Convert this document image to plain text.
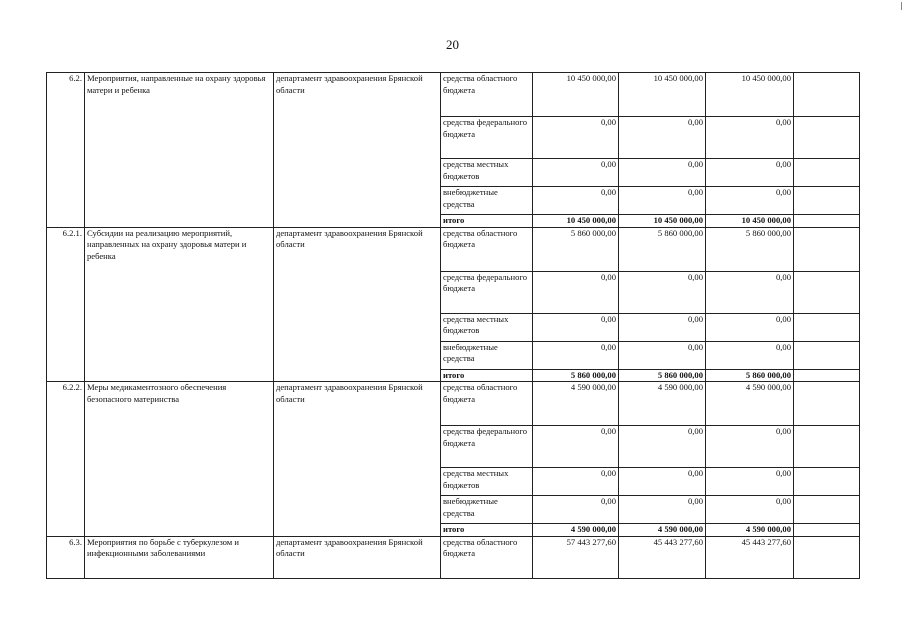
20
6.2.	Мероприятия, направленные на охрану здоровья матери и ребенка	департамент здравоохранения Брянской области	средства областного бюджета	10 450 000,00	10 450 000,00	10 450 000,00	
			средства федерального бюджета	0,00	0,00	0,00	
			средства местных бюджетов	0,00	0,00	0,00	
			внебюджетные средства	0,00	0,00	0,00	
			итого	10 450 000,00	10 450 000,00	10 450 000,00	
6.2.1.	Субсидии на реализацию мероприятий, направленных на охрану здоровья матери и ребенка	департамент здравоохранения Брянской области	средства областного бюджета	5 860 000,00	5 860 000,00	5 860 000,00	
			средства федерального бюджета	0,00	0,00	0,00	
			средства местных бюджетов	0,00	0,00	0,00	
			внебюджетные средства	0,00	0,00	0,00	
			итого	5 860 000,00	5 860 000,00	5 860 000,00	
6.2.2.	Меры медикаментозного обеспечения безопасного материнства	департамент здравоохранения Брянской области	средства областного бюджета	4 590 000,00	4 590 000,00	4 590 000,00	
			средства федерального бюджета	0,00	0,00	0,00	
			средства местных бюджетов	0,00	0,00	0,00	
			внебюджетные средства	0,00	0,00	0,00	
			итого	4 590 000,00	4 590 000,00	4 590 000,00	
6.3.	Мероприятия по борьбе с туберкулезом и инфекционными заболеваниями	департамент здравоохранения Брянской области	средства областного бюджета	57 443 277,60	45 443 277,60	45 443 277,60	
